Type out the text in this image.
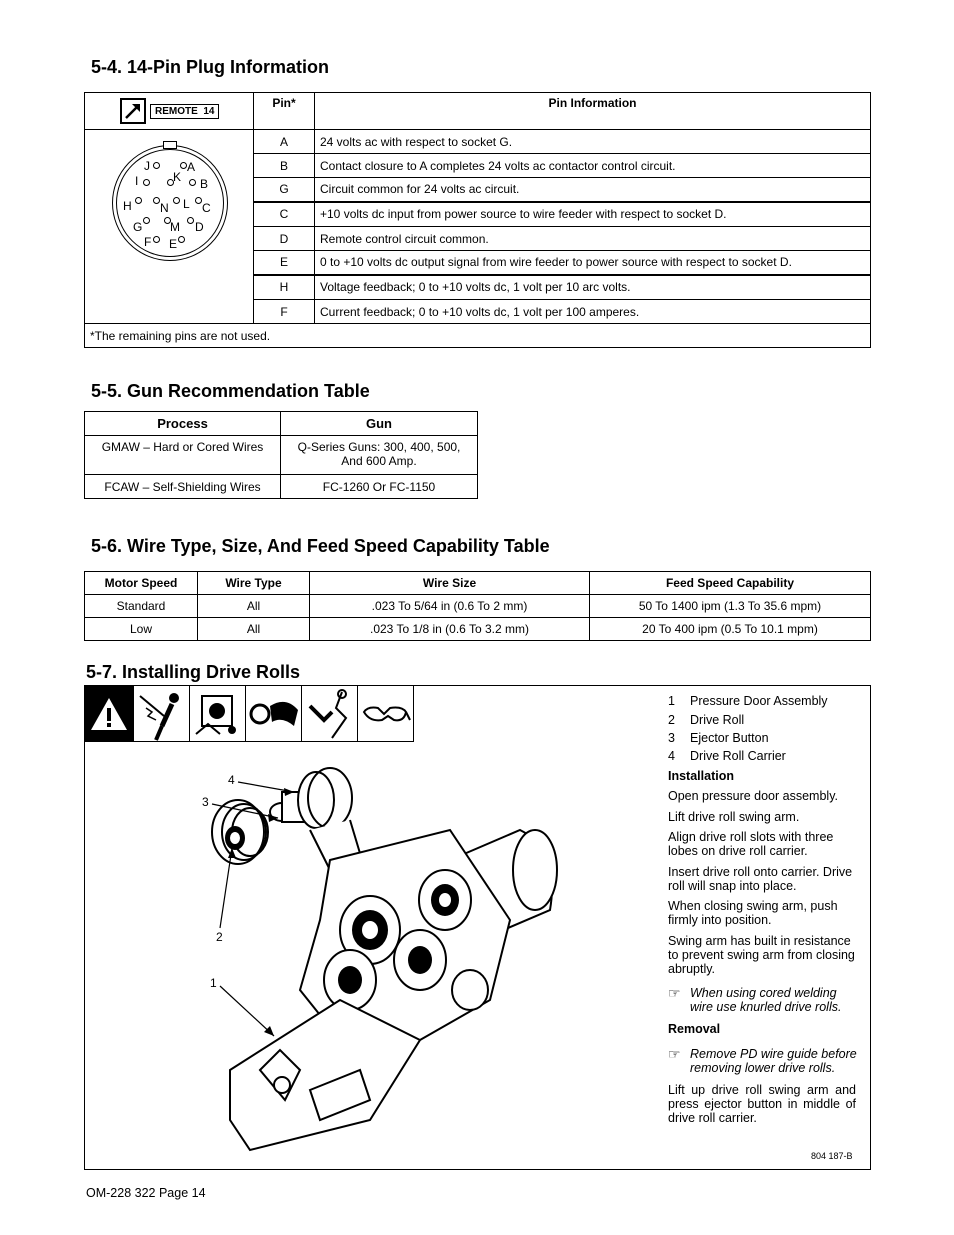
5-4. 14-Pin Plug Information
REMOTE  14	Pin*	Pin Information
	A	24 volts ac with respect to socket G.
	B	Contact closure to A completes 24 volts ac contactor control circuit.
	G	Circuit common for 24 volts ac circuit.
	C	+10 volts dc input from power source to wire feeder with respect to socket D.
	D	Remote control circuit common.
	E	0 to +10 volts dc output signal from wire feeder to power source with respect to socket D.
	H	Voltage feedback; 0 to +10 volts dc, 1 volt per 10 arc volts.
	F	Current feedback; 0 to +10 volts dc, 1 volt per 100 amperes.
*The remaining pins are not used.		
J	A
K
I	B
H N L C
G M D
F E
5-5. Gun Recommendation Table
Process	Gun
GMAW – Hard or Cored Wires	Q-Series Guns: 300, 400, 500, And 600 Amp.
FCAW – Self-Shielding Wires	FC-1260 Or FC-1150
5-6. Wire Type, Size, And Feed Speed Capability Table
Motor Speed	Wire Type	Wire Size	Feed Speed Capability
Standard	All	.023 To 5/64 in (0.6 To 2 mm)	50 To 1400 ipm (1.3 To 35.6 mpm)
Low	All	.023 To 1/8 in (0.6 To 3.2 mm)	20 To 400 ipm (0.5 To 10.1 mpm)
5-7. Installing Drive Rolls
4
3
2
1
1 Pressure Door Assembly
2 Drive Roll
3 Ejector Button
4 Drive Roll Carrier
Installation
Open pressure door assembly.
Lift drive roll swing arm.
Align drive roll slots with three lobes on drive roll carrier.
Insert drive roll onto carrier. Drive roll will snap into place.
When closing swing arm, push firmly into position.
Swing arm has built in resistance to prevent swing arm from closing abruptly.
☞ When using cored welding wire use knurled drive rolls.
Removal
☞ Remove PD wire guide before removing lower drive rolls.
Lift up drive roll swing arm and press ejector button in middle of drive roll carrier.
804 187-B
OM-228 322 Page 14
